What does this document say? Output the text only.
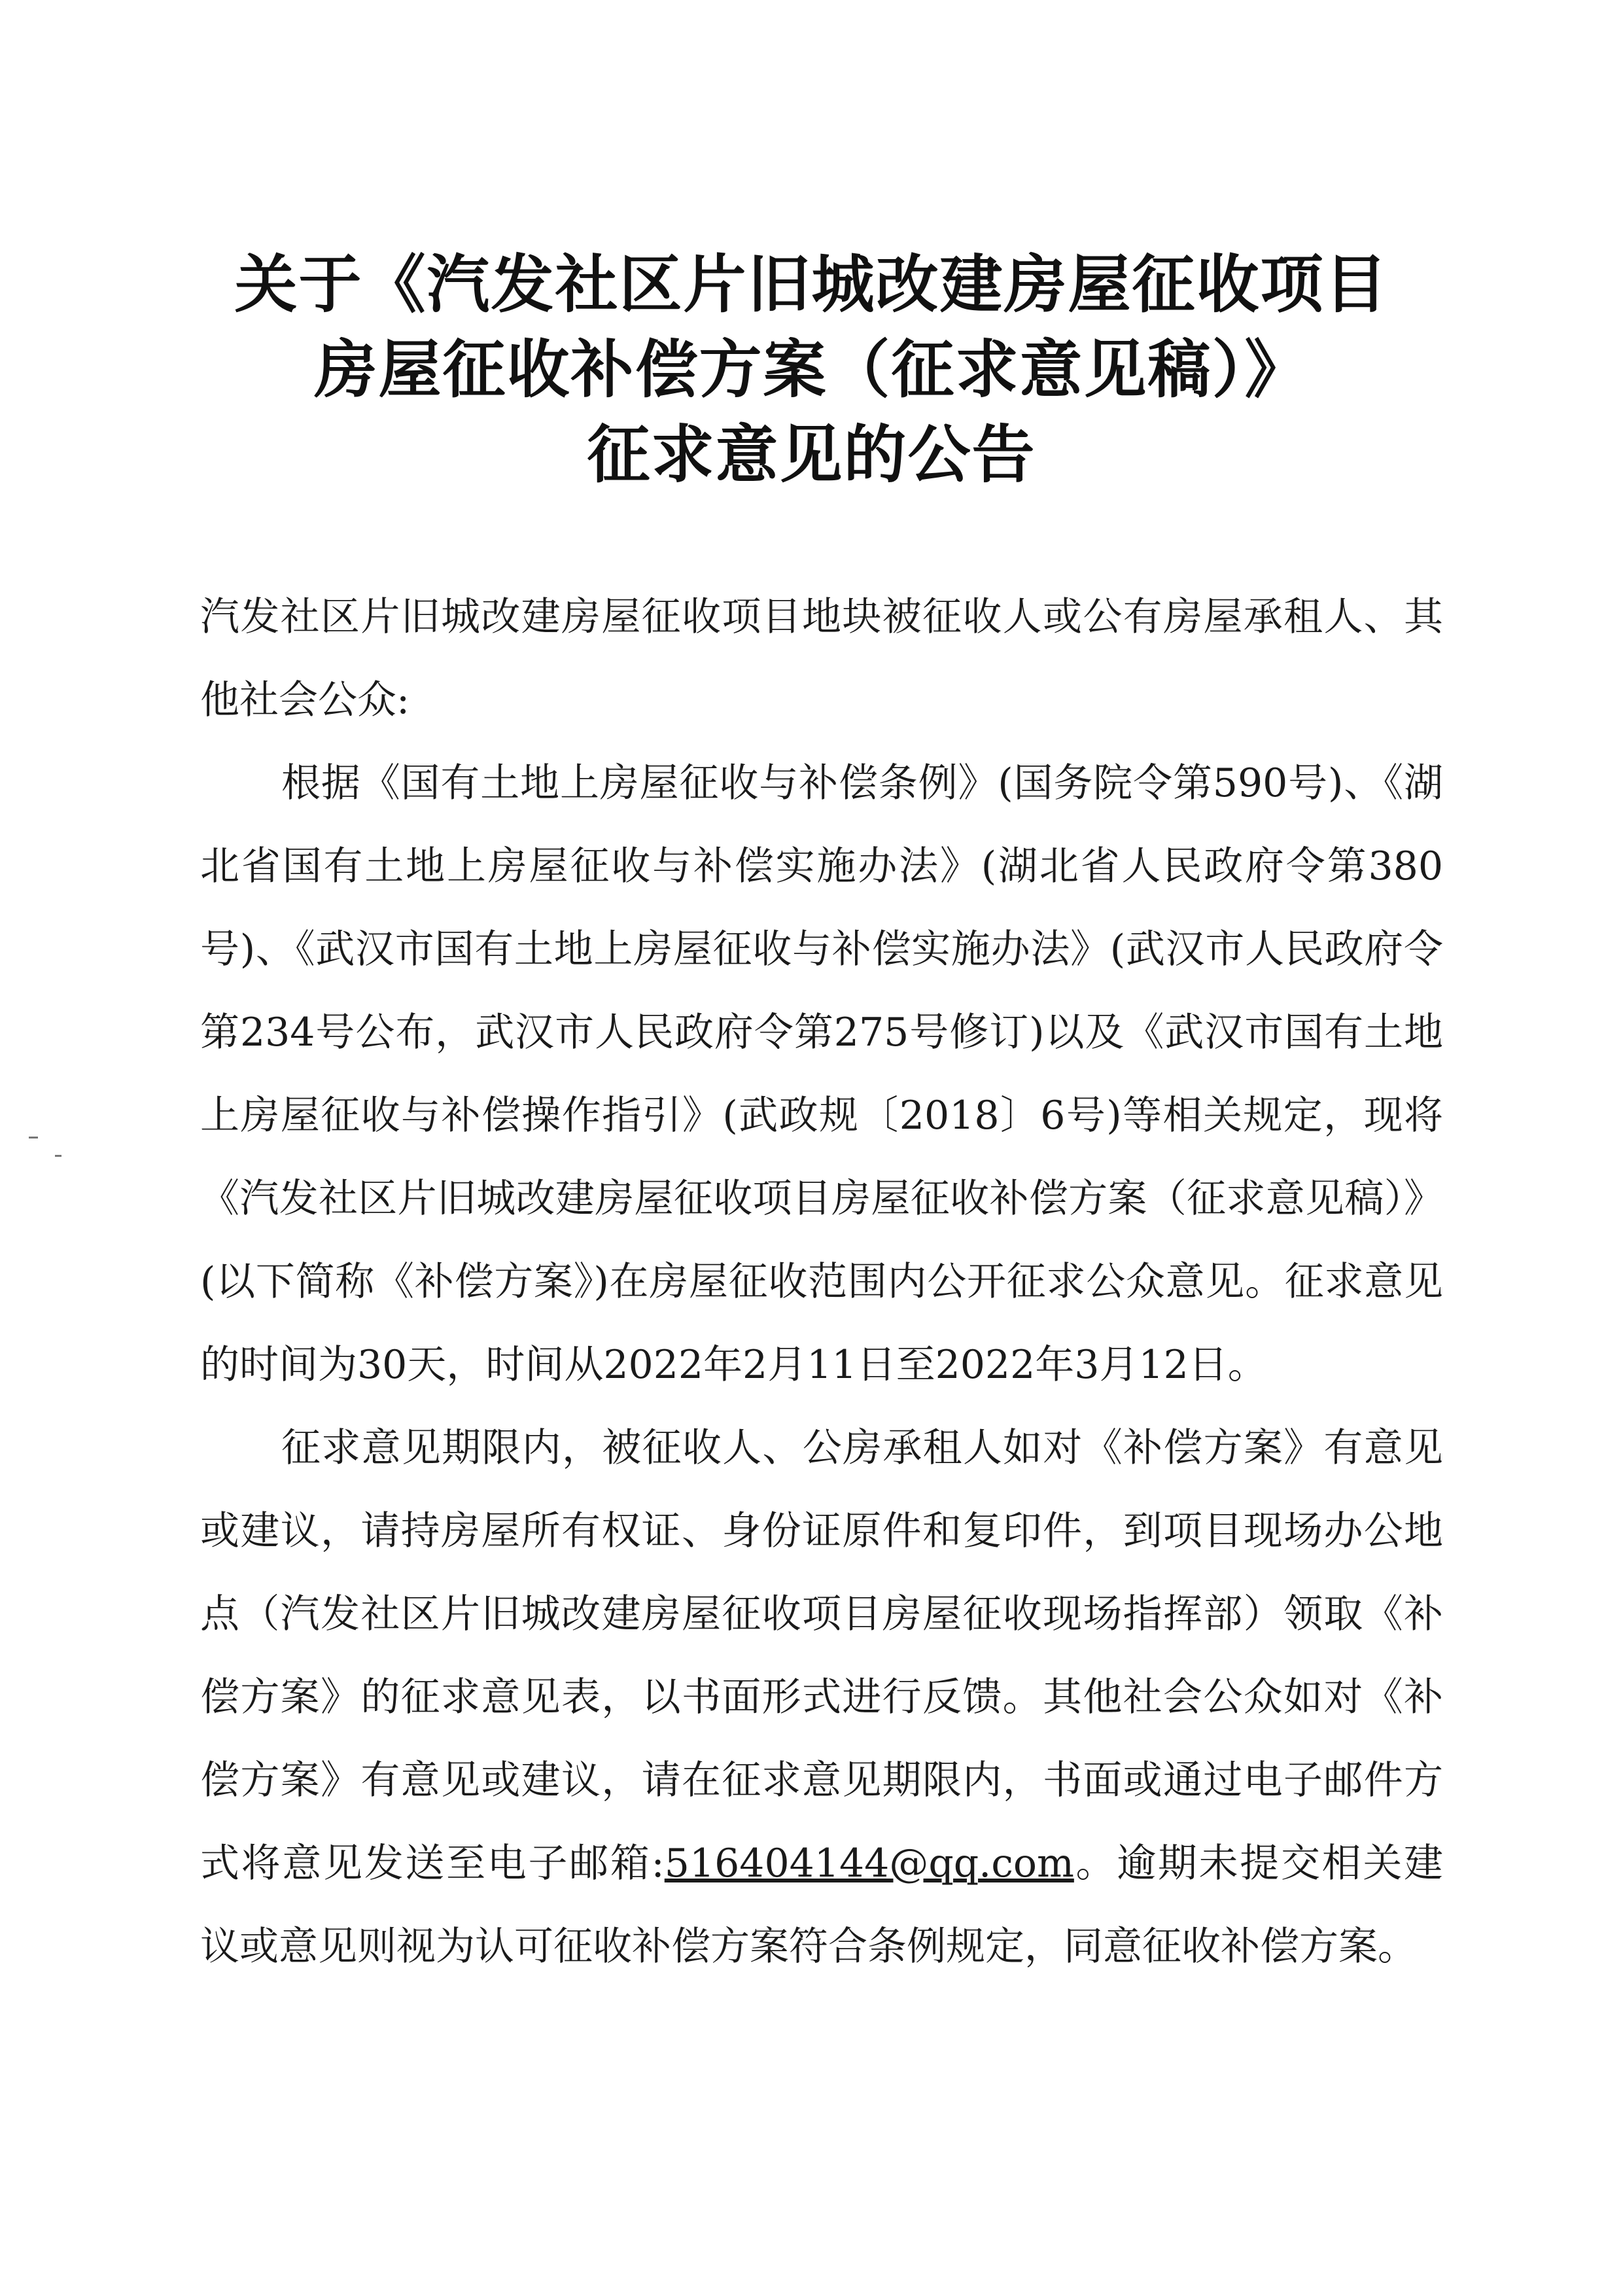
关于《汽发社区片旧城改建房屋征收项目
房屋征收补偿方案（征求意见稿）》
征求意见的公告

汽发社区片旧城改建房屋征收项目地块被征收人或公有房屋承租人、其他社会公众:

根据《国有土地上房屋征收与补偿条例》(国务院令第590号)、《湖北省国有土地上房屋征收与补偿实施办法》(湖北省人民政府令第380号)、《武汉市国有土地上房屋征收与补偿实施办法》(武汉市人民政府令第234号公布，武汉市人民政府令第275号修订)以及《武汉市国有土地上房屋征收与补偿操作指引》(武政规〔2018〕6号)等相关规定，现将《汽发社区片旧城改建房屋征收项目房屋征收补偿方案（征求意见稿）》(以下简称《补偿方案》)在房屋征收范围内公开征求公众意见。征求意见的时间为30天，时间从2022年2月11日至2022年3月12日。

征求意见期限内，被征收人、公房承租人如对《补偿方案》有意见或建议，请持房屋所有权证、身份证原件和复印件，到项目现场办公地点（汽发社区片旧城改建房屋征收项目房屋征收现场指挥部）领取《补偿方案》的征求意见表，以书面形式进行反馈。其他社会公众如对《补偿方案》有意见或建议，请在征求意见期限内，书面或通过电子邮件方式将意见发送至电子邮箱:516404144@qq.com。逾期未提交相关建议或意见则视为认可征收补偿方案符合条例规定，同意征收补偿方案。
